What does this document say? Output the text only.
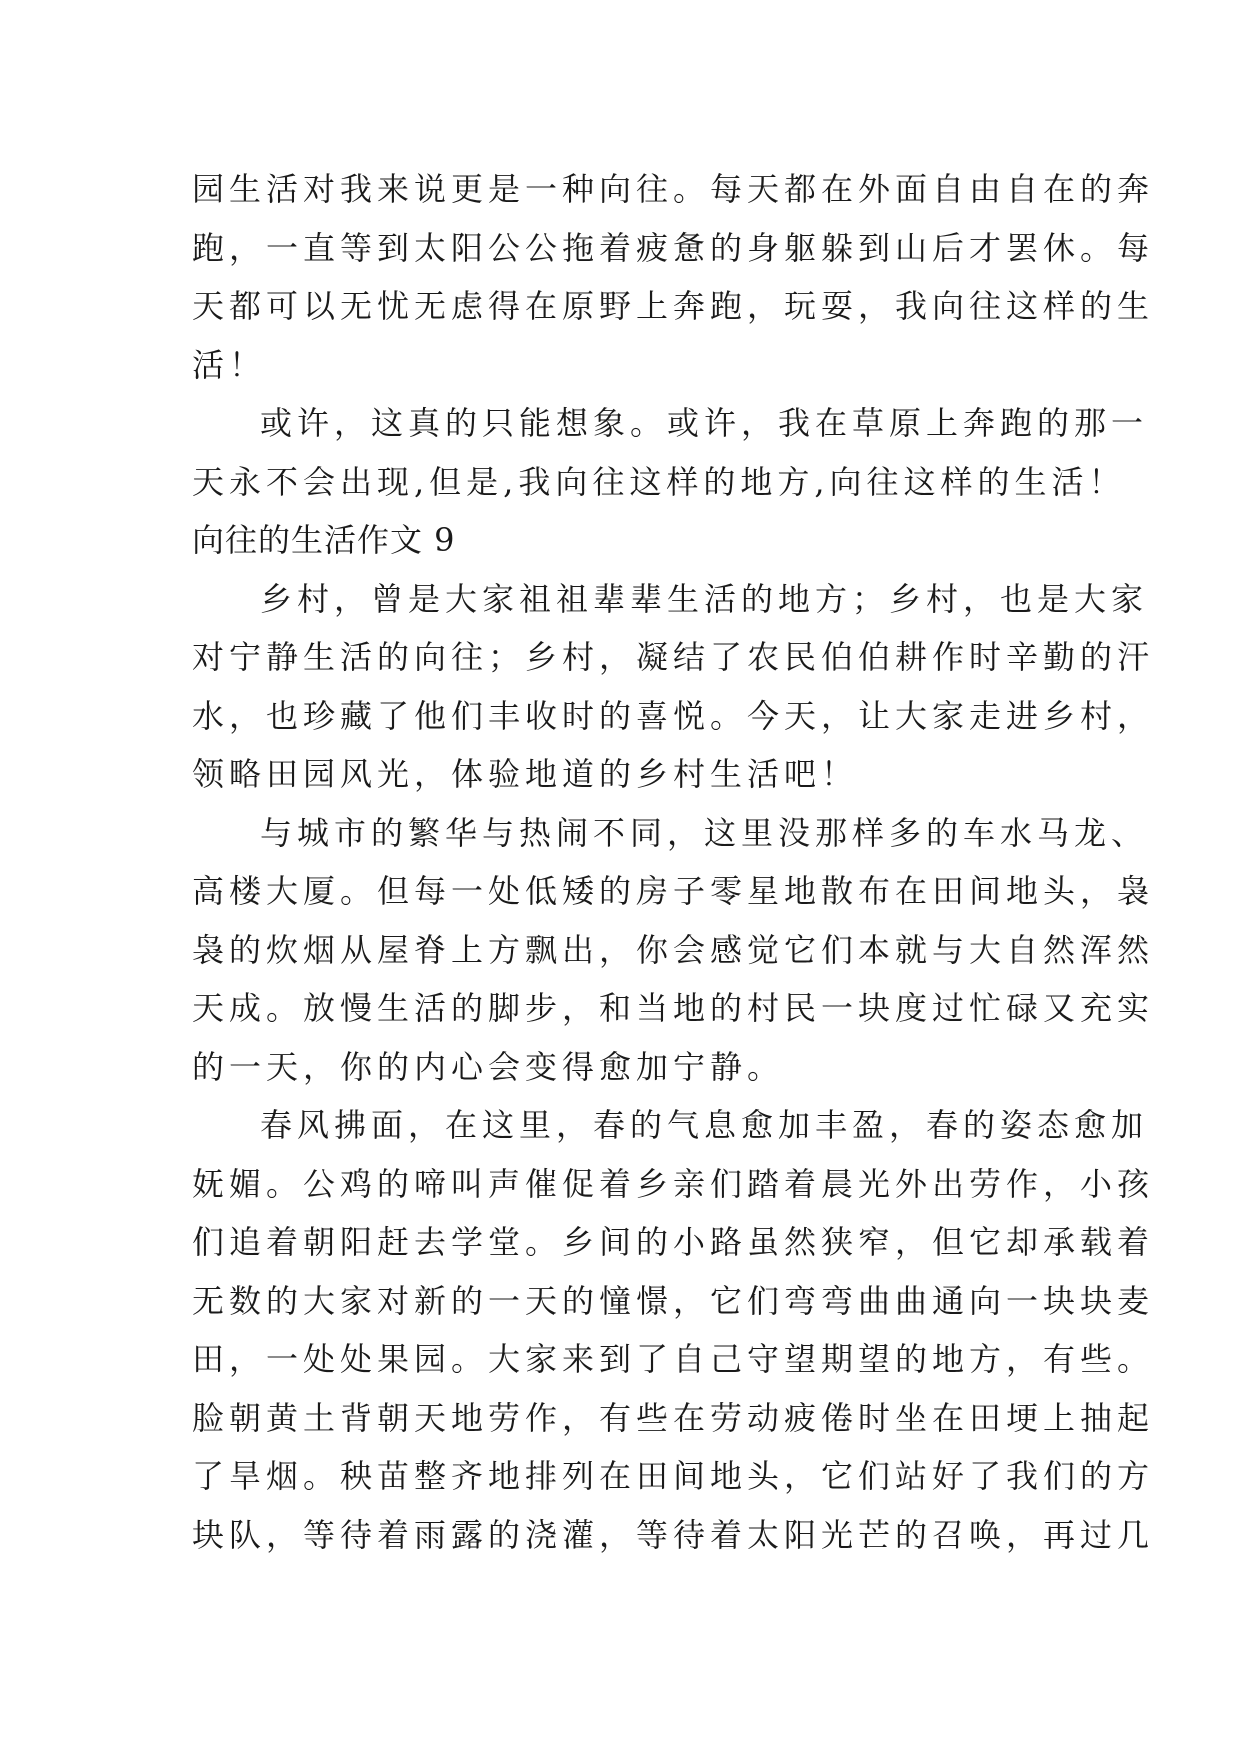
园生活对我来说更是一种向往。每天都在外面自由自在的奔
跑，一直等到太阳公公拖着疲惫的身躯躲到山后才罢休。每
天都可以无忧无虑得在原野上奔跑，玩耍，我向往这样的生
活！

或许，这真的只能想象。或许，我在草原上奔跑的那一
天永不会出现,但是,我向往这样的地方,向往这样的生活！

向往的生活作文 9

乡村，曾是大家祖祖辈辈生活的地方；乡村，也是大家
对宁静生活的向往；乡村，凝结了农民伯伯耕作时辛勤的汗
水，也珍藏了他们丰收时的喜悦。今天，让大家走进乡村，
领略田园风光，体验地道的乡村生活吧！

与城市的繁华与热闹不同，这里没那样多的车水马龙、
高楼大厦。但每一处低矮的房子零星地散布在田间地头，袅
袅的炊烟从屋脊上方飘出，你会感觉它们本就与大自然浑然
天成。放慢生活的脚步，和当地的村民一块度过忙碌又充实
的一天，你的内心会变得愈加宁静。

春风拂面，在这里，春的气息愈加丰盈，春的姿态愈加
妩媚。公鸡的啼叫声催促着乡亲们踏着晨光外出劳作，小孩
们追着朝阳赶去学堂。乡间的小路虽然狭窄，但它却承载着
无数的大家对新的一天的憧憬，它们弯弯曲曲通向一块块麦
田，一处处果园。大家来到了自己守望期望的地方，有些。
脸朝黄土背朝天地劳作，有些在劳动疲倦时坐在田埂上抽起
了旱烟。秧苗整齐地排列在田间地头，它们站好了我们的方
块队，等待着雨露的浇灌，等待着太阳光芒的召唤，再过几
